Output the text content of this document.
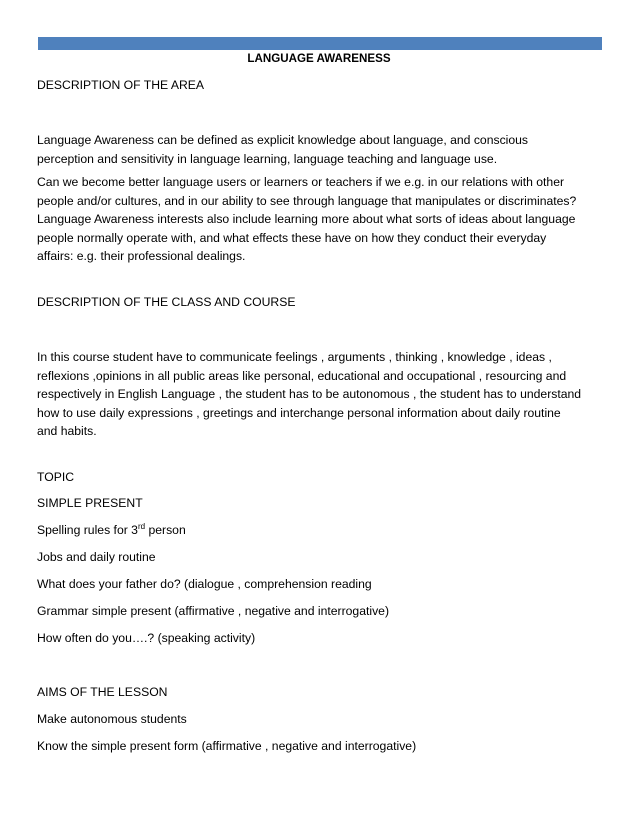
LANGUAGE AWARENESS
DESCRIPTION OF THE AREA
Language Awareness can be defined as explicit knowledge about language, and conscious
perception and sensitivity in language learning, language teaching and language use.
Can we become better language users or learners or teachers if we e.g. in our relations with other
people and/or cultures, and in our ability to see through language that manipulates or discriminates?
Language Awareness interests also include learning more about what sorts of ideas about language
people normally operate with, and what effects these have on how they conduct their everyday
affairs: e.g. their professional dealings.
DESCRIPTION OF THE CLASS AND COURSE
In this course student have to communicate feelings , arguments , thinking , knowledge , ideas ,
reflexions ,opinions in all public areas like personal, educational and occupational , resourcing and
respectively in English Language , the student has to be autonomous , the student has to understand
how to use daily expressions , greetings and interchange personal information about daily routine
and habits.
TOPIC
SIMPLE PRESENT
Spelling rules for 3rd person
Jobs and daily routine
What does your father do? (dialogue , comprehension reading
Grammar simple present (affirmative , negative and interrogative)
How often do you….? (speaking activity)
AIMS OF THE LESSON
Make autonomous students
Know the simple present form (affirmative , negative and interrogative)
